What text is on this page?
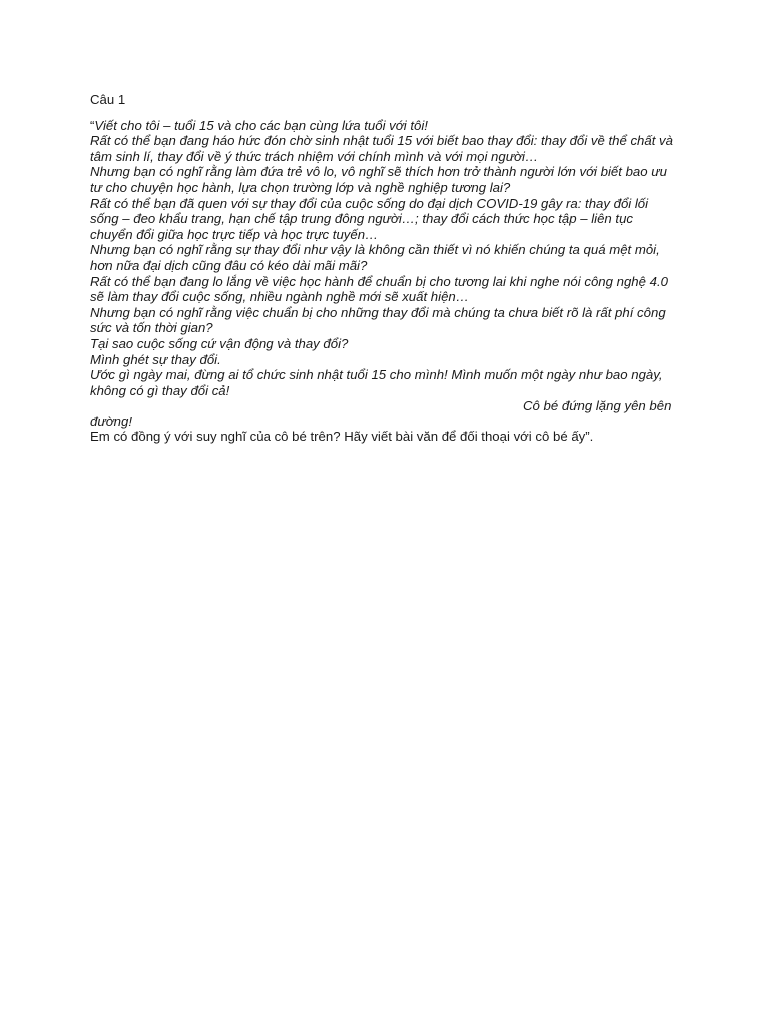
Câu 1

“Viết cho tôi – tuổi 15 và cho các bạn cùng lứa tuổi với tôi!

Rất có thể bạn đang háo hức đón chờ sinh nhật tuổi 15 với biết bao thay đổi: thay đổi về thể chất và tâm sinh lí, thay đổi về ý thức trách nhiệm với chính mình và với mọi người…

Nhưng bạn có nghĩ rằng làm đứa trẻ vô lo, vô nghĩ sẽ thích hơn trở thành người lớn với biết bao ưu tư cho chuyện học hành, lựa chọn trường lớp và nghề nghiệp tương lai?

Rất có thể bạn đã quen với sự thay đổi của cuộc sống do đại dịch COVID-19 gây ra: thay đổi lối sống – đeo khẩu trang, hạn chế tập trung đông người…; thay đổi cách thức học tập – liên tục chuyển đổi giữa học trực tiếp và học trực tuyến…

Nhưng bạn có nghĩ rằng sự thay đổi như vậy là không cần thiết vì nó khiến chúng ta quá mệt mỏi, hơn nữa đại dịch cũng đâu có kéo dài mãi mãi?

Rất có thể bạn đang lo lắng về việc học hành để chuẩn bị cho tương lai khi nghe nói công nghệ 4.0 sẽ làm thay đổi cuộc sống, nhiều ngành nghề mới sẽ xuất hiện…

Nhưng bạn có nghĩ rằng việc chuẩn bị cho những thay đổi mà chúng ta chưa biết rõ là rất phí công sức và tốn thời gian?

Tại sao cuộc sống cứ vận động và thay đổi?

Mình ghét sự thay đổi.

Ước gì ngày mai, đừng ai tổ chức sinh nhật tuổi 15 cho mình! Mình muốn một ngày như bao ngày, không có gì thay đổi cả!

Cô bé đứng lặng yên bên đường!

Em có đồng ý với suy nghĩ của cô bé trên? Hãy viết bài văn để đối thoại với cô bé ấy”.
